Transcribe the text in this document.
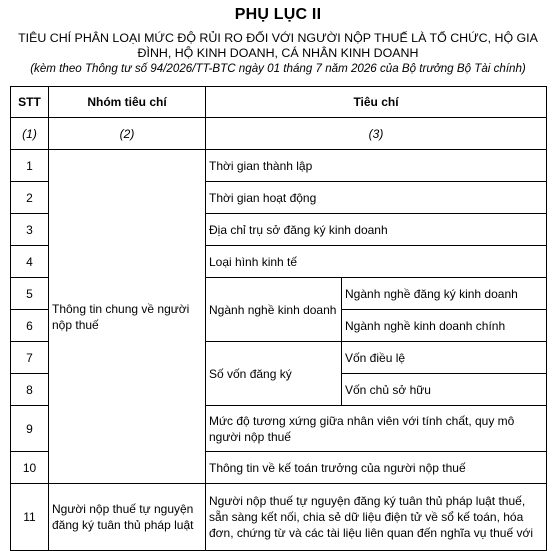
PHỤ LỤC II
TIÊU CHÍ PHÂN LOẠI MỨC ĐỘ RỦI RO ĐỐI VỚI NGƯỜI NỘP THUẾ LÀ TỔ CHỨC, HỘ GIA ĐÌNH, HỘ KINH DOANH, CÁ NHÂN KINH DOANH
(kèm theo Thông tư số 94/2026/TT-BTC ngày 01 tháng 7 năm 2026 của Bộ trưởng Bộ Tài chính)
STT	Nhóm tiêu chí	Tiêu chí	
(1)	(2)	(3)	
1	Thông tin chung về người nộp thuế	Thời gian thành lập	
2		Thời gian hoạt động	
3		Địa chỉ trụ sở đăng ký kinh doanh	
4		Loại hình kinh tế	
5		Ngành nghề kinh doanh	Ngành nghề đăng ký kinh doanh
6			Ngành nghề kinh doanh chính
7		Số vốn đăng ký	Vốn điều lệ
8			Vốn chủ sở hữu
9		Mức độ tương xứng giữa nhân viên với tính chất, quy mô người nộp thuế	
10		Thông tin về kế toán trưởng của người nộp thuế	
11	Người nộp thuế tự nguyện đăng ký tuân thủ pháp luật	Người nộp thuế tự nguyện đăng ký tuân thủ pháp luật thuế, sẵn sàng kết nối, chia sẻ dữ liệu điện tử về sổ kế toán, hóa đơn, chứng từ và các tài liệu liên quan đến nghĩa vụ thuế với	
